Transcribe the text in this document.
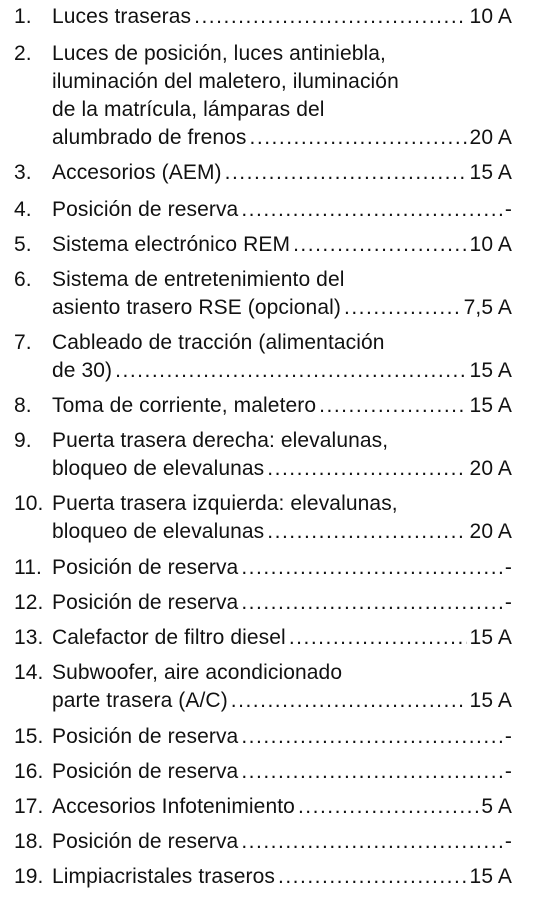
1. Luces traseras .....	10 A
2. Luces de posición, luces antiniebla,
iluminación del maletero, iluminación
de la matrícula, lámparas del
alumbrado de frenos .....	20 A
3. Accesorios (AEM) .....	15 A
4. Posición de reserva .....	-
5. Sistema electrónico REM .....	10 A
6. Sistema de entretenimiento del
asiento trasero RSE (opcional) .....	7,5 A
7. Cableado de tracción (alimentación
de 30) .....	15 A
8. Toma de corriente, maletero .....	15 A
9. Puerta trasera derecha: elevalunas,
bloqueo de elevalunas .....	20 A
10. Puerta trasera izquierda: elevalunas,
bloqueo de elevalunas .....	20 A
11. Posición de reserva .....	-
12. Posición de reserva .....	-
13. Calefactor de filtro diesel .....	15 A
14. Subwoofer, aire acondicionado
parte trasera (A/C) .....	15 A
15. Posición de reserva .....	-
16. Posición de reserva .....	-
17. Accesorios Infotenimiento .....	5 A
18. Posición de reserva .....	-
19. Limpiacristales traseros .....	15 A
